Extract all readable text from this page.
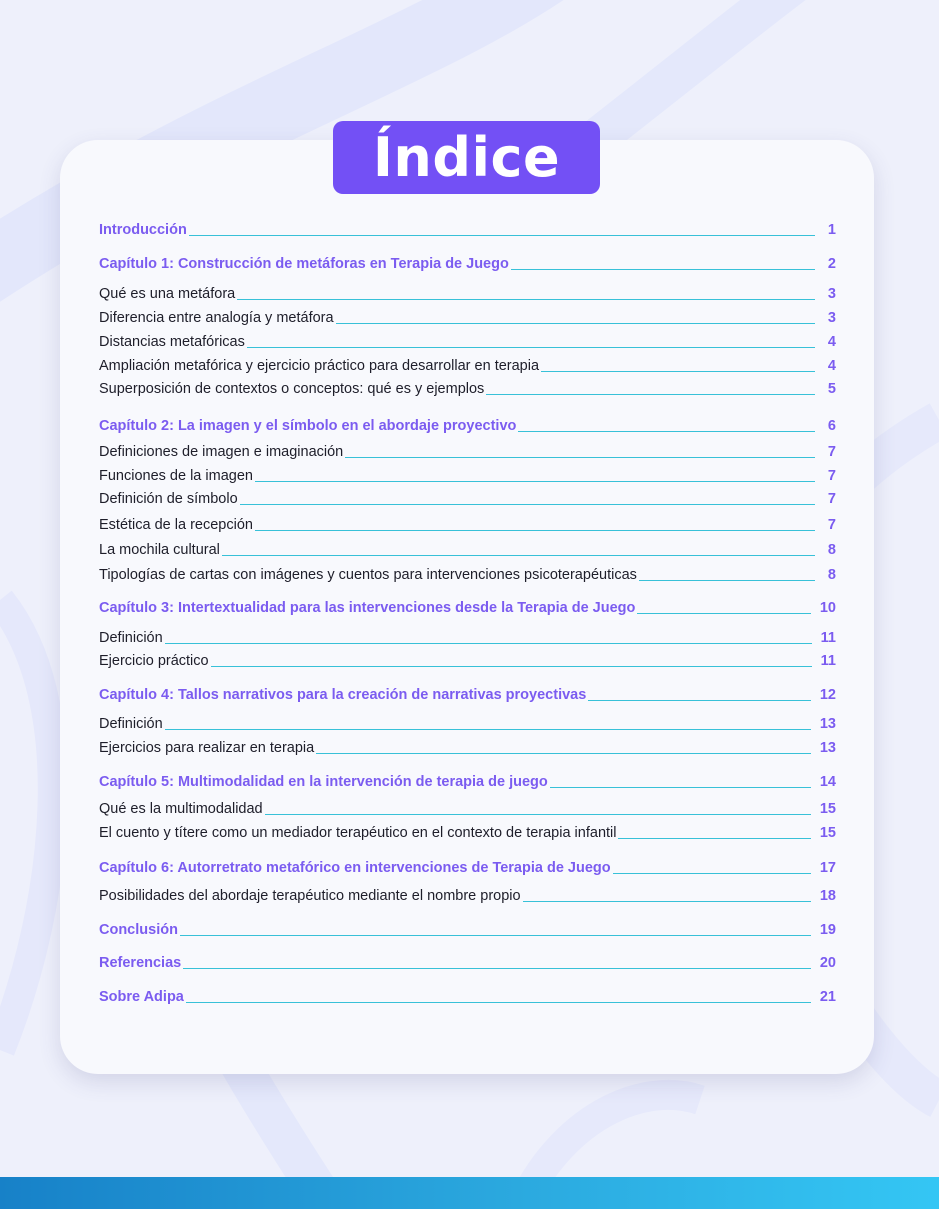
Índice
Introducción	1
Capítulo 1: Construcción de metáforas en Terapia de Juego	2
Qué es una metáfora	3
Diferencia entre analogía y metáfora	3
Distancias metafóricas	4
Ampliación metafórica y ejercicio práctico para desarrollar en terapia	4
Superposición de contextos o conceptos: qué es y ejemplos	5
Capítulo 2: La imagen y el símbolo en el abordaje proyectivo	6
Definiciones de imagen e imaginación	7
Funciones de la imagen	7
Definición de símbolo	7
Estética de la recepción	7
La mochila cultural	8
Tipologías de cartas con imágenes y cuentos para intervenciones psicoterapéuticas	8
Capítulo 3: Intertextualidad para las intervenciones desde la Terapia de Juego	10
Definición	11
Ejercicio práctico	11
Capítulo 4: Tallos narrativos para la creación de narrativas proyectivas	12
Definición	13
Ejercicios para realizar en terapia	13
Capítulo 5: Multimodalidad en la intervención de terapia de juego	14
Qué es la multimodalidad	15
El cuento y títere como un mediador terapéutico en el contexto de terapia infantil	15
Capítulo 6: Autorretrato metafórico en intervenciones de Terapia de Juego	17
Posibilidades del abordaje terapéutico mediante el nombre propio	18
Conclusión	19
Referencias	20
Sobre Adipa	21
